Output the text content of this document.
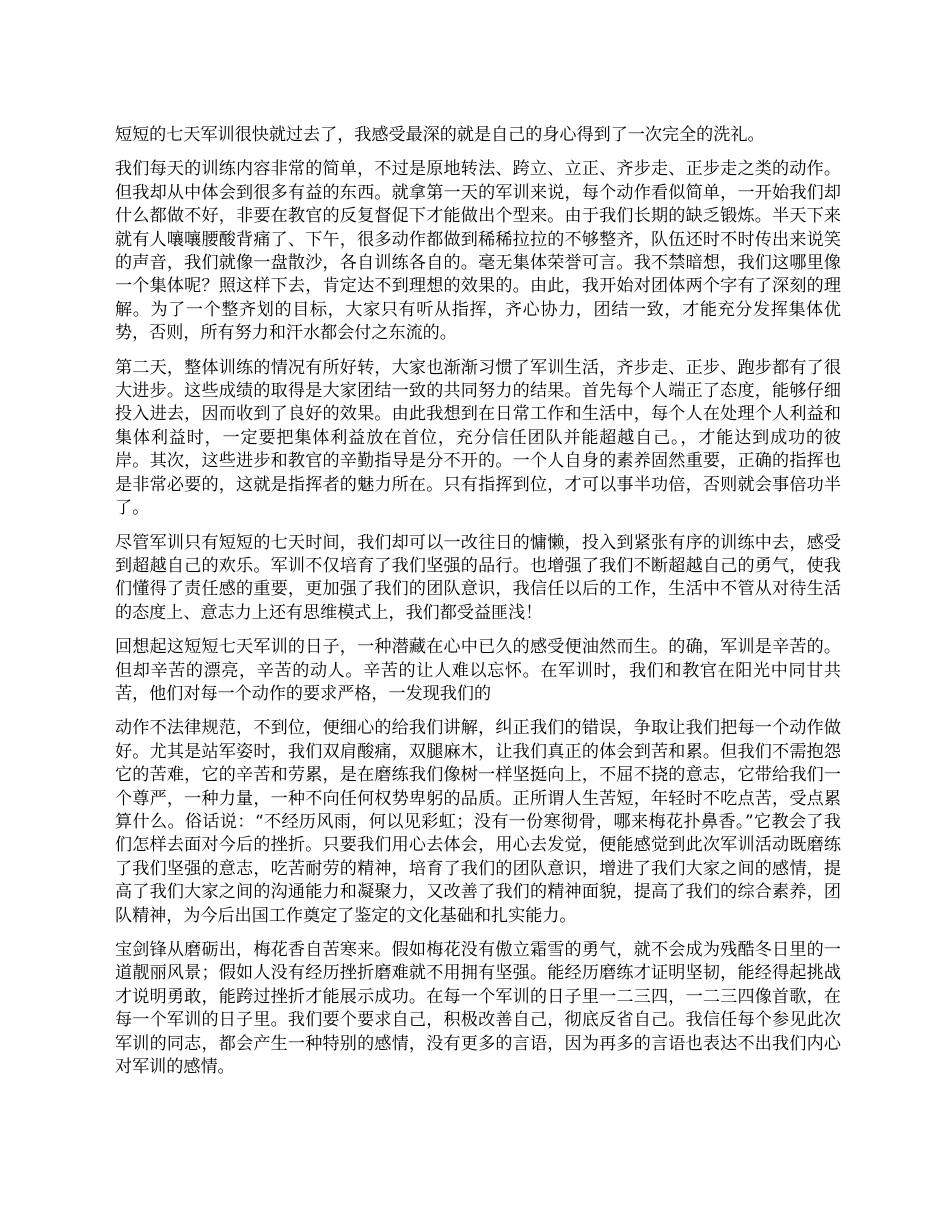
短短的七天军训很快就过去了，我感受最深的就是自己的身心得到了一次完全的洗礼。

我们每天的训练内容非常的简单，不过是原地转法、跨立、立正、齐步走、正步走之类的动作。但我却从中体会到很多有益的东西。就拿第一天的军训来说，每个动作看似简单，一开始我们却什么都做不好，非要在教官的反复督促下才能做出个型来。由于我们长期的缺乏锻炼。半天下来就有人嚷嚷腰酸背痛了、下午，很多动作都做到稀稀拉拉的不够整齐，队伍还时不时传出来说笑的声音，我们就像一盘散沙，各自训练各自的。毫无集体荣誉可言。我不禁暗想，我们这哪里像一个集体呢？照这样下去，肯定达不到理想的效果的。由此，我开始对团体两个字有了深刻的理解。为了一个整齐划的目标，大家只有听从指挥，齐心协力，团结一致，才能充分发挥集体优势，否则，所有努力和汗水都会付之东流的。

第二天，整体训练的情况有所好转，大家也渐渐习惯了军训生活，齐步走、正步、跑步都有了很大进步。这些成绩的取得是大家团结一致的共同努力的结果。首先每个人端正了态度，能够仔细投入进去，因而收到了良好的效果。由此我想到在日常工作和生活中，每个人在处理个人利益和集体利益时，一定要把集体利益放在首位，充分信任团队并能超越自己。，才能达到成功的彼岸。其次，这些进步和教官的辛勤指导是分不开的。一个人自身的素养固然重要，正确的指挥也是非常必要的，这就是指挥者的魅力所在。只有指挥到位，才可以事半功倍，否则就会事倍功半了。

尽管军训只有短短的七天时间，我们却可以一改往日的慵懒，投入到紧张有序的训练中去，感受到超越自己的欢乐。军训不仅培育了我们坚强的品行。也增强了我们不断超越自己的勇气，使我们懂得了责任感的重要，更加强了我们的团队意识，我信任以后的工作，生活中不管从对待生活的态度上、意志力上还有思维模式上，我们都受益匪浅！

回想起这短短七天军训的日子，一种潜藏在心中已久的感受便油然而生。的确，军训是辛苦的。但却辛苦的漂亮，辛苦的动人。辛苦的让人难以忘怀。在军训时，我们和教官在阳光中同甘共苦，他们对每一个动作的要求严格，一发现我们的

动作不法律规范，不到位，便细心的给我们讲解，纠正我们的错误，争取让我们把每一个动作做好。尤其是站军姿时，我们双肩酸痛，双腿麻木，让我们真正的体会到苦和累。但我们不需抱怨它的苦难，它的辛苦和劳累，是在磨练我们像树一样坚挺向上，不屈不挠的意志，它带给我们一个尊严，一种力量，一种不向任何权势卑躬的品质。正所谓人生苦短，年轻时不吃点苦，受点累算什么。俗话说：“不经历风雨，何以见彩虹；没有一份寒彻骨，哪来梅花扑鼻香。”它教会了我们怎样去面对今后的挫折。只要我们用心去体会，用心去发觉，便能感觉到此次军训活动既磨练了我们坚强的意志，吃苦耐劳的精神，培育了我们的团队意识，增进了我们大家之间的感情，提高了我们大家之间的沟通能力和凝聚力，又改善了我们的精神面貌，提高了我们的综合素养，团队精神，为今后出国工作奠定了鉴定的文化基础和扎实能力。

宝剑锋从磨砺出，梅花香自苦寒来。假如梅花没有傲立霜雪的勇气，就不会成为残酷冬日里的一道靓丽风景；假如人没有经历挫折磨难就不用拥有坚强。能经历磨练才证明坚韧，能经得起挑战才说明勇敢，能跨过挫折才能展示成功。在每一个军训的日子里一二三四，一二三四像首歌，在每一个军训的日子里。我们要个要求自己，积极改善自己，彻底反省自己。我信任每个参见此次军训的同志，都会产生一种特别的感情，没有更多的言语，因为再多的言语也表达不出我们内心对军训的感情。
